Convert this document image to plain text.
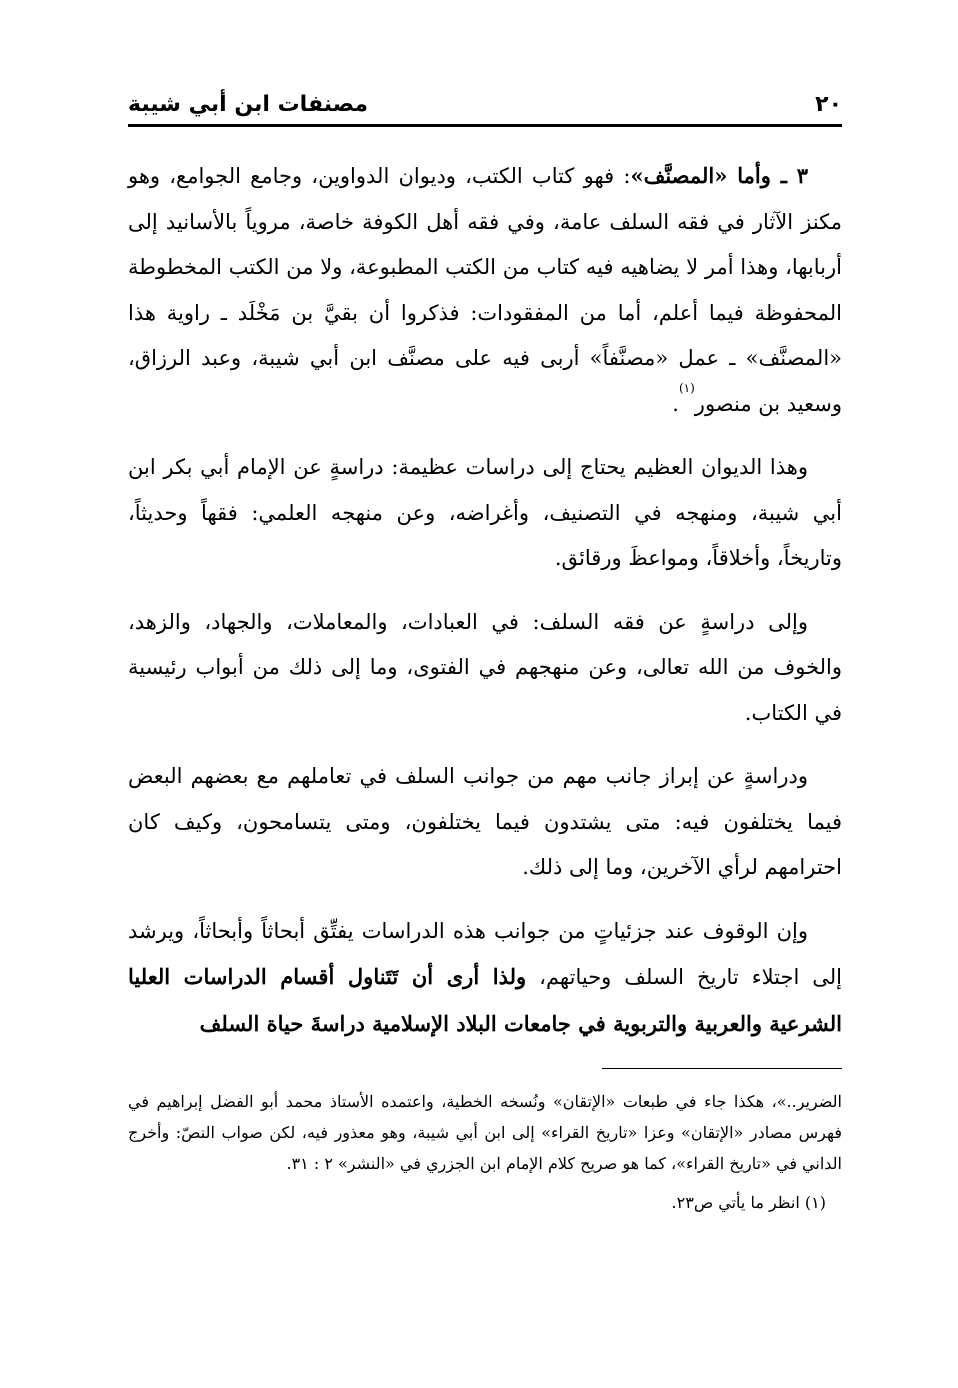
٢٠
مصنفات ابن أبي شيبة

٣ ـ وأما «المصنَّف»: فهو كتاب الكتب، وديوان الدواوين، وجامع الجوامع، وهو مكنز الآثار في فقه السلف عامة، وفي فقه أهل الكوفة خاصة، مروياً بالأسانيد إلى أربابها، وهذا أمر لا يضاهيه فيه كتاب من الكتب المطبوعة، ولا من الكتب المخطوطة المحفوظة فيما أعلم، أما من المفقودات: فذكروا أن بقيَّ بن مَخْلَد ـ راوية هذا «المصنَّف» ـ عمل «مصنَّفاً» أربى فيه على مصنَّف ابن أبي شيبة، وعبد الرزاق، وسعيد بن منصور$^{(١)}$.

وهذا الديوان العظيم يحتاج إلى دراسات عظيمة: دراسةٍ عن الإمام أبي بكر ابن أبي شيبة، ومنهجه في التصنيف، وأغراضه، وعن منهجه العلمي: فقهاً وحديثاً، وتاريخاً، وأخلاقاً، ومواعظَ ورقائق.

وإلى دراسةٍ عن فقه السلف: في العبادات، والمعاملات، والجهاد، والزهد، والخوف من الله تعالى، وعن منهجهم في الفتوى، وما إلى ذلك من أبواب رئيسية في الكتاب.

ودراسةٍ عن إبراز جانب مهم من جوانب السلف في تعاملهم مع بعضهم البعض فيما يختلفون فيه: متى يشتدون فيما يختلفون، ومتى يتسامحون، وكيف كان احترامهم لرأي الآخرين، وما إلى ذلك.

وإن الوقوف عند جزئياتٍ من جوانب هذه الدراسات يفتِّق أبحاثاً وأبحاثاً، ويرشد إلى اجتلاء تاريخ السلف وحياتهم، ولذا أرى أن تَتَناول أقسام الدراسات العليا الشرعية والعربية والتربوية في جامعات البلاد الإسلامية دراسةَ حياة السلف

الضرير..»، هكذا جاء في طبعات «الإتقان» ونُسخه الخطية، واعتمده الأستاذ محمد أبو الفضل إبراهيم في فهرس مصادر «الإتقان» وعزا «تاريخ القراء» إلى ابن أبي شيبة، وهو معذور فيه، لكن صواب النصّ: وأخرج الداني في «تاريخ القراء»، كما هو صريح كلام الإمام ابن الجزري في «النشر» ٢ : ٣١.

(١) انظر ما يأتي ص٢٣.
